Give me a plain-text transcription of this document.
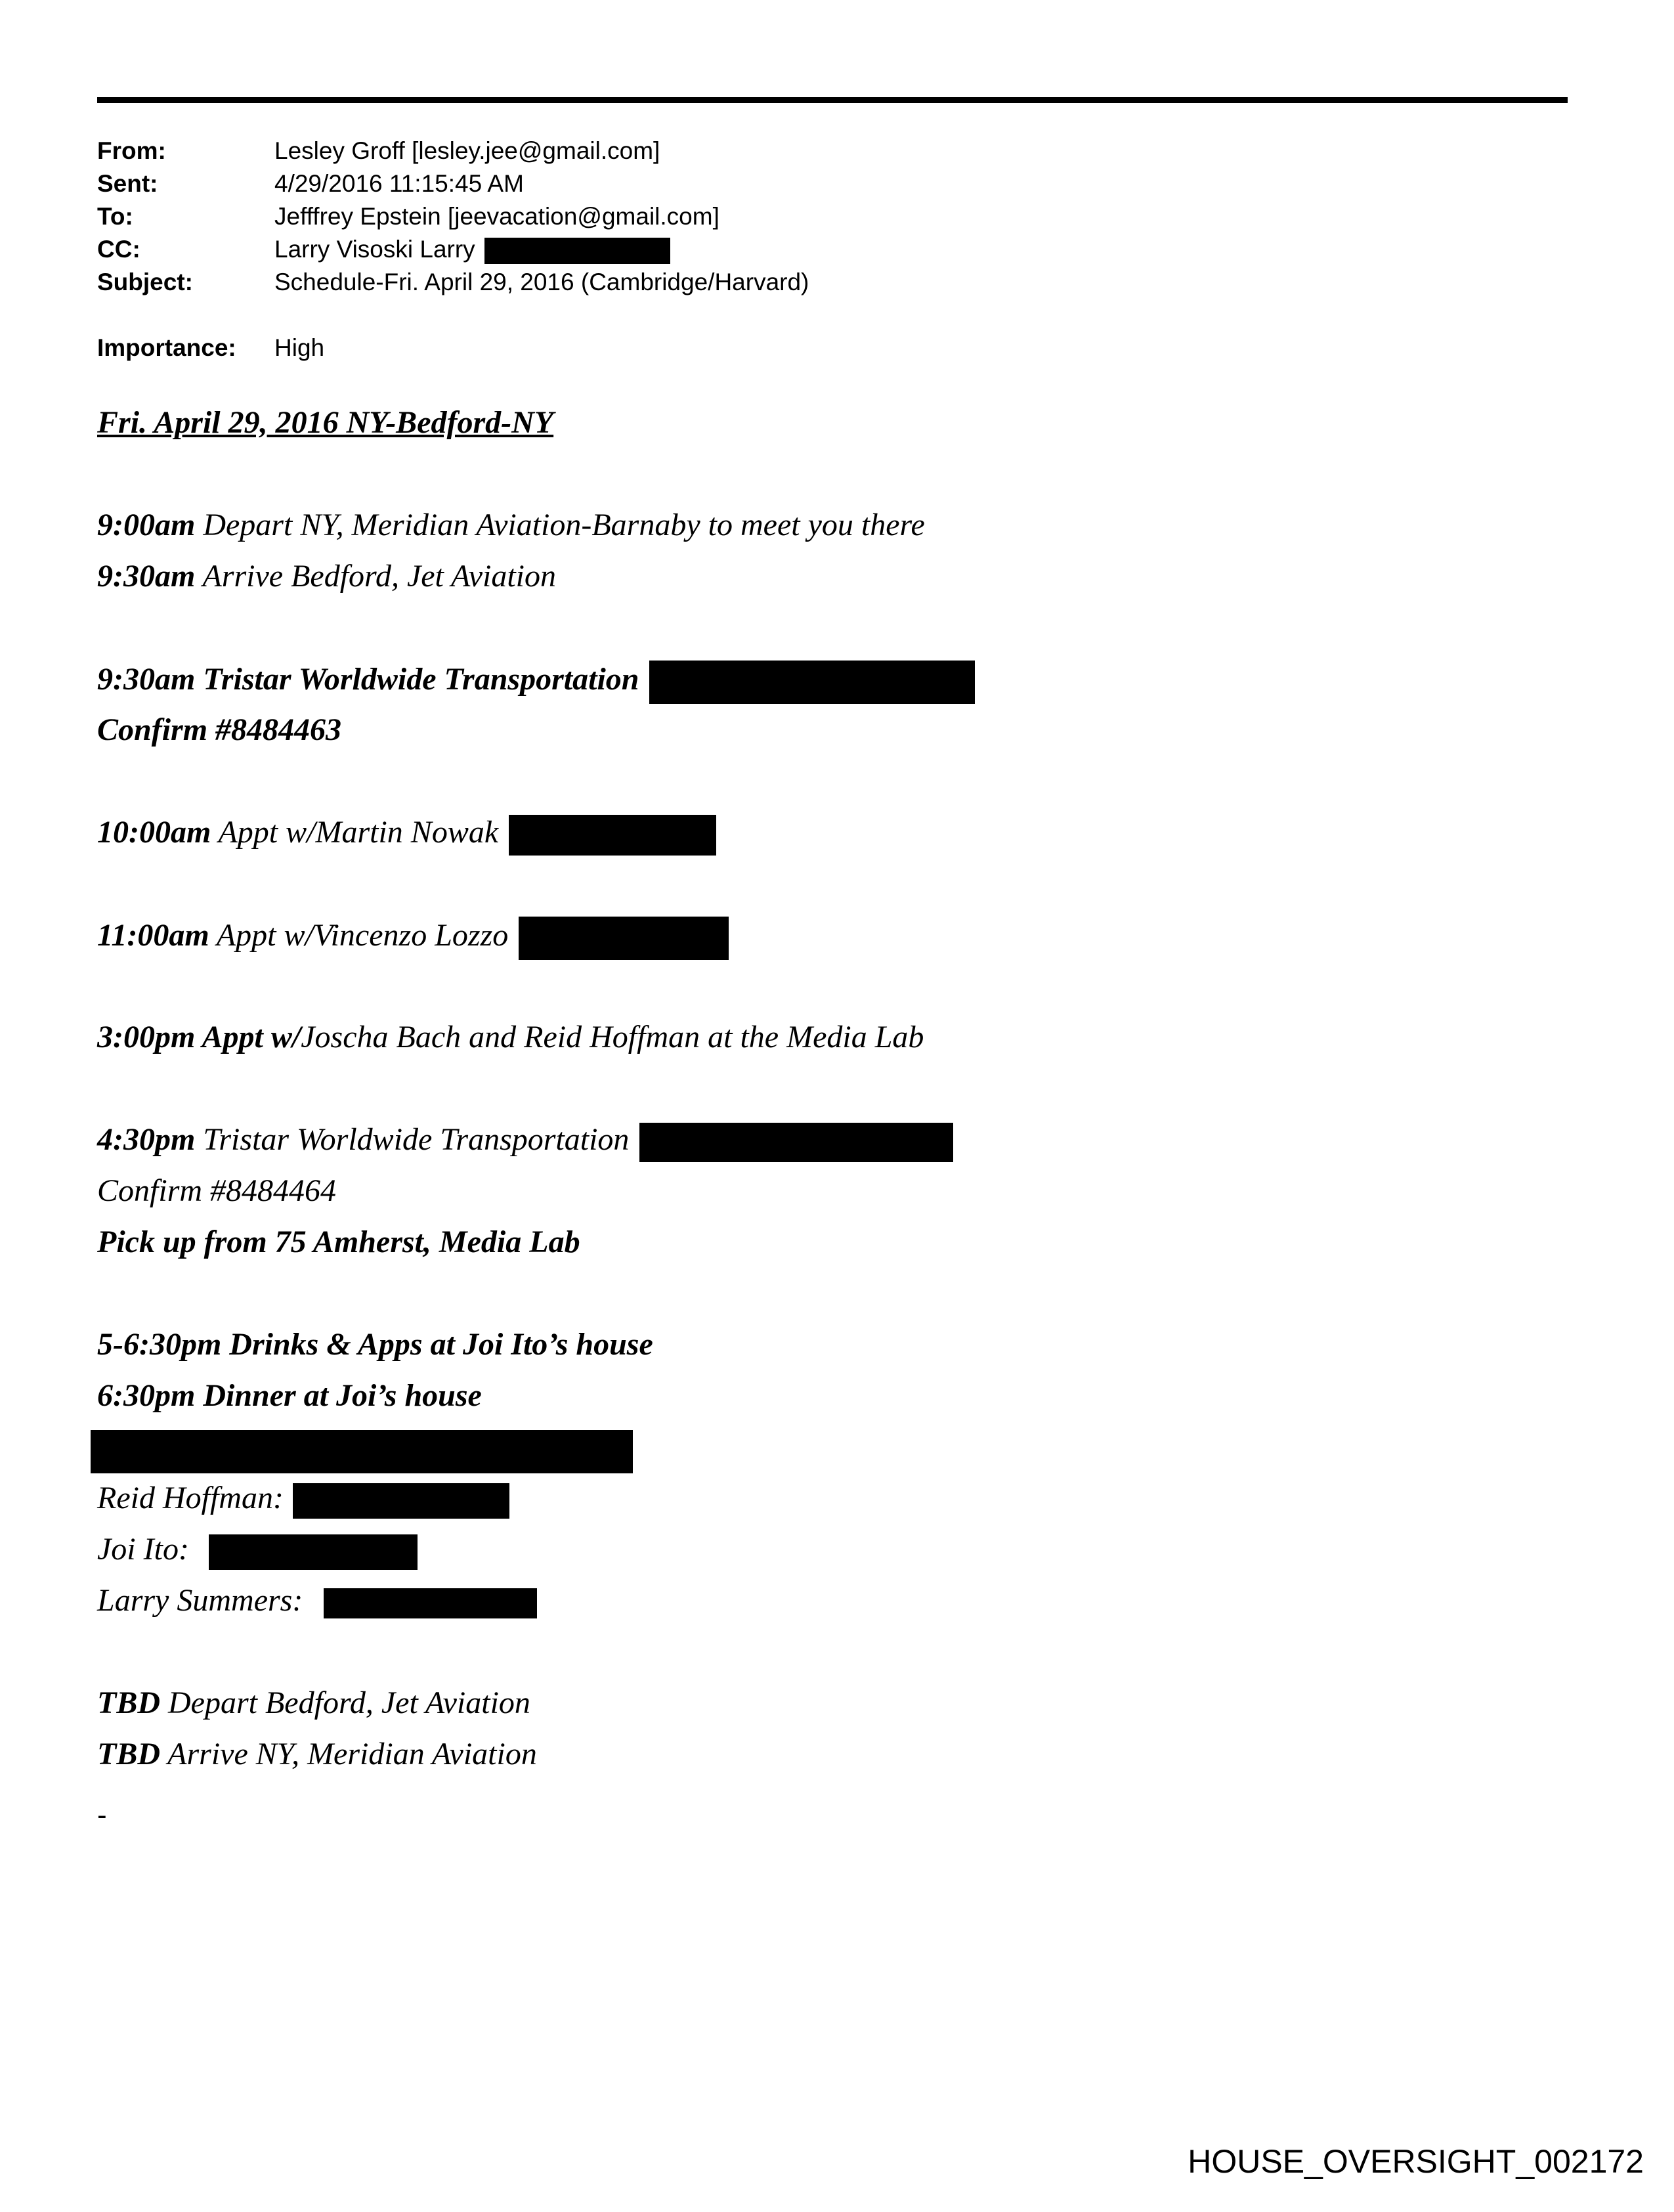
From:	Lesley Groff [lesley.jee@gmail.com]
Sent:	4/29/2016 11:15:45 AM
To:	Jefffrey Epstein [jeevacation@gmail.com]
CC:	Larry Visoski Larry
Subject:	Schedule-Fri. April 29, 2016 (Cambridge/Harvard)
Importance: High
Fri. April 29, 2016 NY-Bedford-NY
9:00am Depart NY, Meridian Aviation-Barnaby to meet you there
9:30am Arrive Bedford, Jet Aviation
9:30am Tristar Worldwide Transportation
Confirm #8484463
10:00am Appt w/Martin Nowak
11:00am Appt w/Vincenzo Lozzo
3:00pm Appt w/Joscha Bach and Reid Hoffman at the Media Lab
4:30pm Tristar Worldwide Transportation
Confirm #8484464
Pick up from 75 Amherst, Media Lab
5-6:30pm Drinks & Apps at Joi Ito’s house
6:30pm Dinner at Joi’s house
Reid Hoffman:
Joi Ito:
Larry Summers:
TBD Depart Bedford, Jet Aviation
TBD Arrive NY, Meridian Aviation
-
HOUSE_OVERSIGHT_002172
